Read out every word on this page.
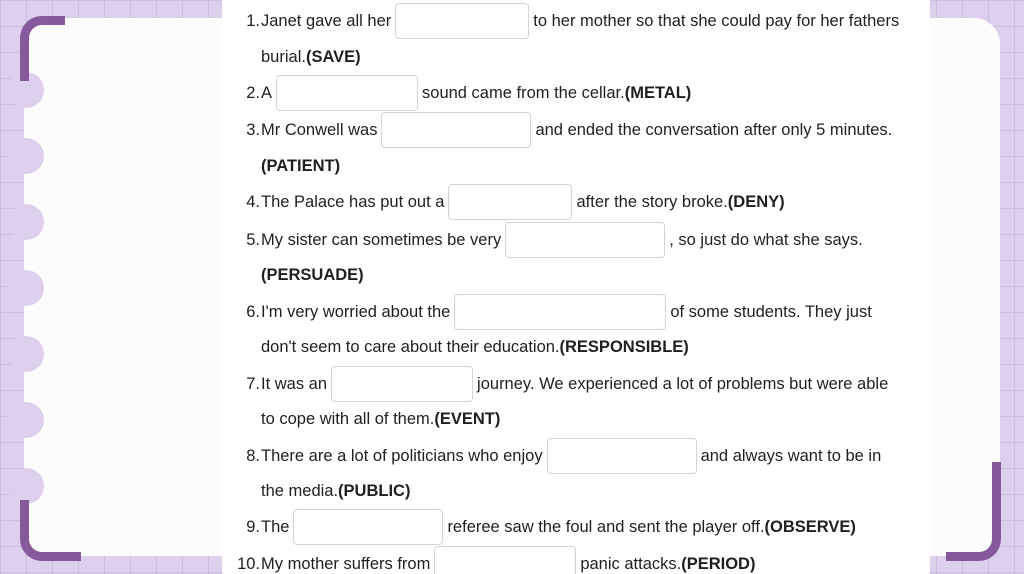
1. Janet gave all her	to her mother so that she could pay for her fathers
burial. (SAVE)
2. A	sound came from the cellar. (METAL)
3. Mr Conwell was	and ended the conversation after only 5 minutes.
(PATIENT)
4. The Palace has put out a	after the story broke. (DENY)
5. My sister can sometimes be very	, so just do what she says.
(PERSUADE)
6. I'm very worried about the	of some students. They just
don't seem to care about their education. (RESPONSIBLE)
7. It was an	journey. We experienced a lot of problems but were able
to cope with all of them. (EVENT)
8. There are a lot of politicians who enjoy	and always want to be in
the media. (PUBLIC)
9. The	referee saw the foul and sent the player off. (OBSERVE)
10. My mother suffers from	panic attacks. (PERIOD)
